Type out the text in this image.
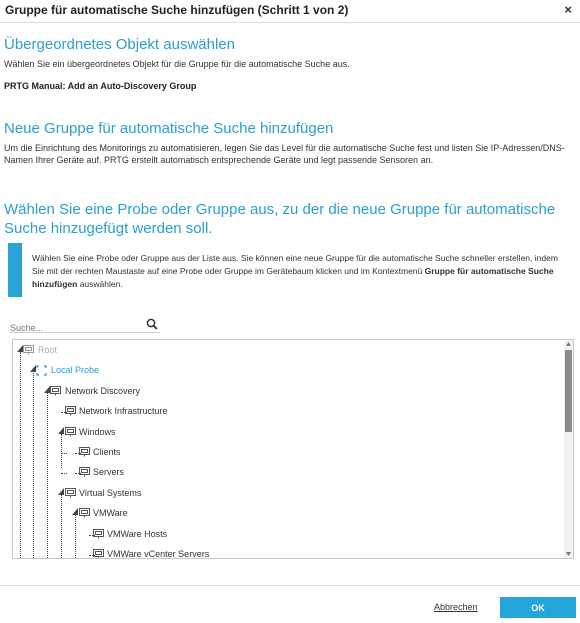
Gruppe für automatische Suche hinzufügen (Schritt 1 von 2)	×
Übergeordnetes Objekt auswählen
Wählen Sie ein übergeordnetes Objekt für die Gruppe für die automatische Suche aus.
PRTG Manual: Add an Auto-Discovery Group
Neue Gruppe für automatische Suche hinzufügen
Um die Einrichtung des Monitorings zu automatisieren, legen Sie das Level für die automatische Suche fest und listen Sie IP-Adressen/DNS-Namen Ihrer Geräte auf. PRTG erstellt automatisch entsprechende Geräte und legt passende Sensoren an.
Wählen Sie eine Probe oder Gruppe aus, zu der die neue Gruppe für automatische Suche hinzugefügt werden soll.
Wählen Sie eine Probe oder Gruppe aus der Liste aus. Sie können eine neue Gruppe für die automatische Suche schneller erstellen, indem Sie mit der rechten Maustaste auf eine Probe oder Gruppe im Gerätebaum klicken und im Kontextmenü Gruppe für automatische Suche hinzufügen auswählen.
Suche...
Root
Local Probe
Network Discovery
Network Infrastructure
Windows
Clients
Servers
Virtual Systems
VMWare
VMWare Hosts
VMWare vCenter Servers
Abbrechen	OK
